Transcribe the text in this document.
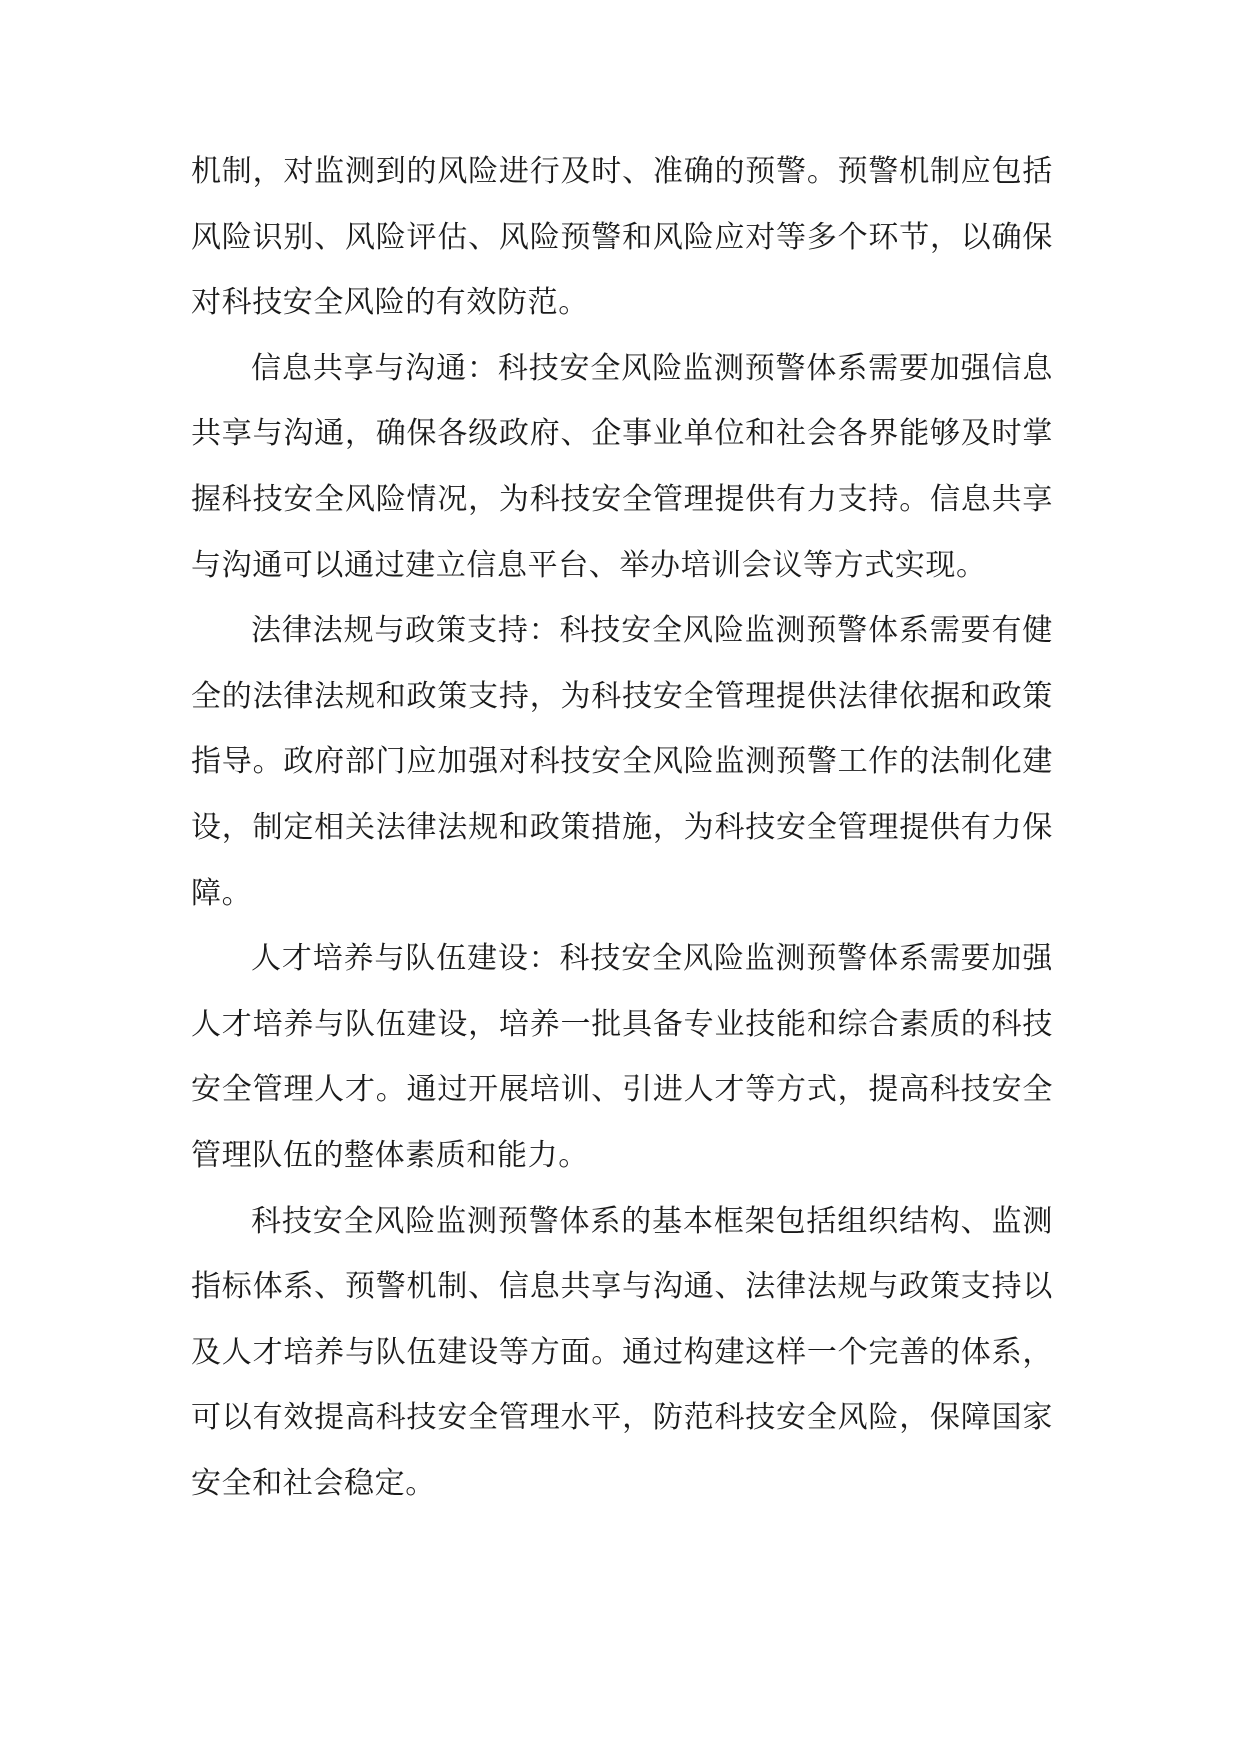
机制，对监测到的风险进行及时、准确的预警。预警机制应包括风险识别、风险评估、风险预警和风险应对等多个环节，以确保对科技安全风险的有效防范。

信息共享与沟通：科技安全风险监测预警体系需要加强信息共享与沟通，确保各级政府、企事业单位和社会各界能够及时掌握科技安全风险情况，为科技安全管理提供有力支持。信息共享与沟通可以通过建立信息平台、举办培训会议等方式实现。

法律法规与政策支持：科技安全风险监测预警体系需要有健全的法律法规和政策支持，为科技安全管理提供法律依据和政策指导。政府部门应加强对科技安全风险监测预警工作的法制化建设，制定相关法律法规和政策措施，为科技安全管理提供有力保障。

人才培养与队伍建设：科技安全风险监测预警体系需要加强人才培养与队伍建设，培养一批具备专业技能和综合素质的科技安全管理人才。通过开展培训、引进人才等方式，提高科技安全管理队伍的整体素质和能力。

科技安全风险监测预警体系的基本框架包括组织结构、监测指标体系、预警机制、信息共享与沟通、法律法规与政策支持以及人才培养与队伍建设等方面。通过构建这样一个完善的体系，可以有效提高科技安全管理水平，防范科技安全风险，保障国家安全和社会稳定。
